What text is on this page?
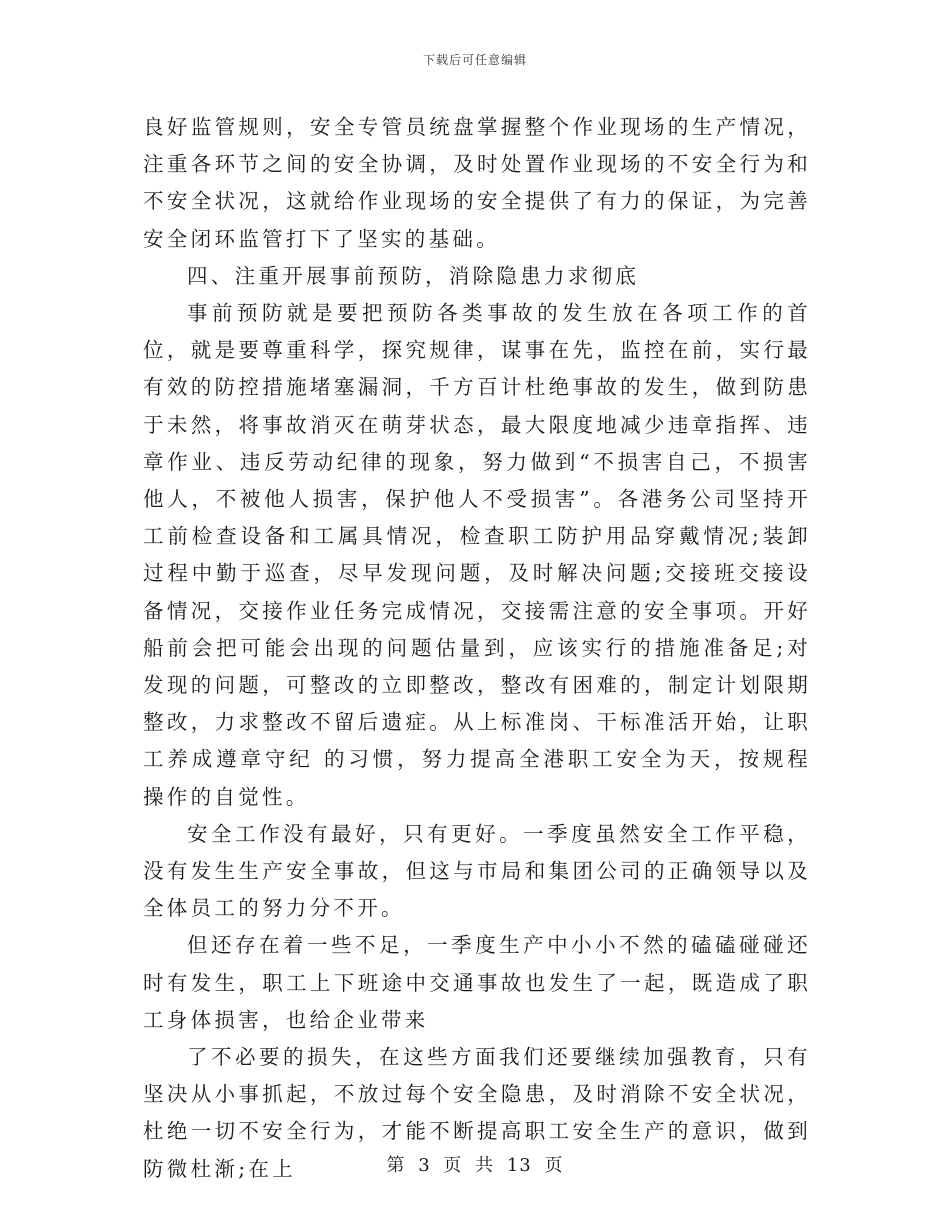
下载后可任意编辑

良好监管规则，安全专管员统盘掌握整个作业现场的生产情况，注重各环节之间的安全协调，及时处置作业现场的不安全行为和不安全状况，这就给作业现场的安全提供了有力的保证，为完善安全闭环监管打下了坚实的基础。

四、注重开展事前预防，消除隐患力求彻底

事前预防就是要把预防各类事故的发生放在各项工作的首位，就是要尊重科学，探究规律，谋事在先，监控在前，实行最有效的防控措施堵塞漏洞，千方百计杜绝事故的发生，做到防患于未然，将事故消灭在萌芽状态，最大限度地减少违章指挥、违章作业、违反劳动纪律的现象，努力做到“不损害自己，不损害他人，不被他人损害，保护他人不受损害”。各港务公司坚持开工前检查设备和工属具情况，检查职工防护用品穿戴情况;装卸过程中勤于巡查，尽早发现问题，及时解决问题;交接班交接设备情况，交接作业任务完成情况，交接需注意的安全事项。开好船前会把可能会出现的问题估量到，应该实行的措施准备足;对发现的问题，可整改的立即整改，整改有困难的，制定计划限期整改，力求整改不留后遗症。从上标准岗、干标准活开始，让职工养成遵章守纪 的习惯，努力提高全港职工安全为天，按规程操作的自觉性。

安全工作没有最好，只有更好。一季度虽然安全工作平稳，没有发生生产安全事故，但这与市局和集团公司的正确领导以及全体员工的努力分不开。

但还存在着一些不足，一季度生产中小小不然的磕磕碰碰还时有发生，职工上下班途中交通事故也发生了一起，既造成了职工身体损害，也给企业带来

了不必要的损失，在这些方面我们还要继续加强教育，只有坚决从小事抓起，不放过每个安全隐患，及时消除不安全状况，杜绝一切不安全行为，才能不断提高职工安全生产的意识，做到防微杜渐;在上	第 3 页 共 13 页
